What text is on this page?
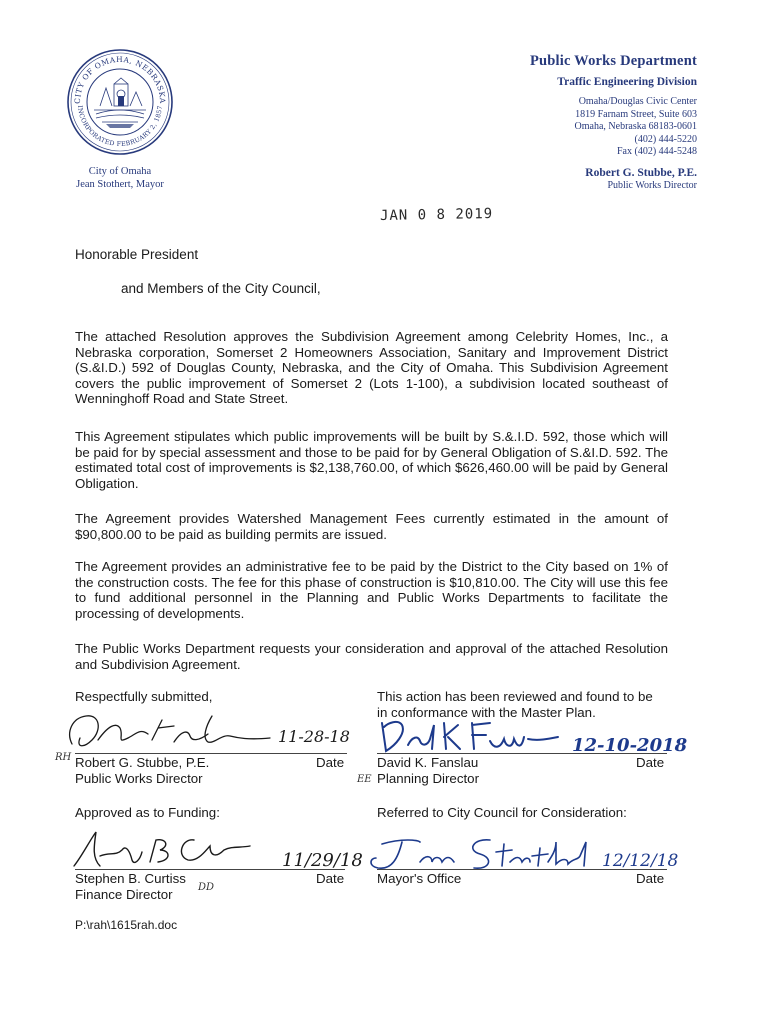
CITY OF OMAHA, NEBRASKA
INCORPORATED FEBRUARY 2, 1857
City of Omaha
Jean Stothert, Mayor
Public Works Department
Traffic Engineering Division
Omaha/Douglas Civic Center
1819 Farnam Street, Suite 603
Omaha, Nebraska 68183-0601
(402) 444-5220
Fax (402) 444-5248
Robert G. Stubbe, P.E.
Public Works Director
JAN 0 8 2019
Honorable President
and Members of the City Council,

The attached Resolution approves the Subdivision Agreement among Celebrity Homes, Inc., a Nebraska corporation, Somerset 2 Homeowners Association, Sanitary and Improvement District (S.&I.D.) 592 of Douglas County, Nebraska, and the City of Omaha. This Subdivision Agreement covers the public improvement of Somerset 2 (Lots 1-100), a subdivision located southeast of Wenninghoff Road and State Street.

This Agreement stipulates which public improvements will be built by S.&.I.D. 592, those which will be paid for by special assessment and those to be paid for by General Obligation of S.&I.D. 592. The estimated total cost of improvements is $2,138,760.00, of which $626,460.00 will be paid by General Obligation.

The Agreement provides Watershed Management Fees currently estimated in the amount of $90,800.00 to be paid as building permits are issued.

The Agreement provides an administrative fee to be paid by the District to the City based on 1% of the construction costs. The fee for this phase of construction is $10,810.00. The City will use this fee to fund additional personnel in the Planning and Public Works Departments to facilitate the processing of developments.

The Public Works Department requests your consideration and approval of the attached Resolution and Subdivision Agreement.

Respectfully submitted,	This action has been reviewed and found to be
in conformance with the Master Plan.
11-28-18
RH Robert G. Stubbe, P.E.	Date
Public Works Director
12-10-2018
David K. Fanslau	Date
EE Planning Director
Approved as to Funding:	Referred to City Council for Consideration:
11/29/18
Stephen B. Curtiss	Date
Finance Director	DD
12/12/18
Mayor's Office	Date
P:\rah\1615rah.doc
